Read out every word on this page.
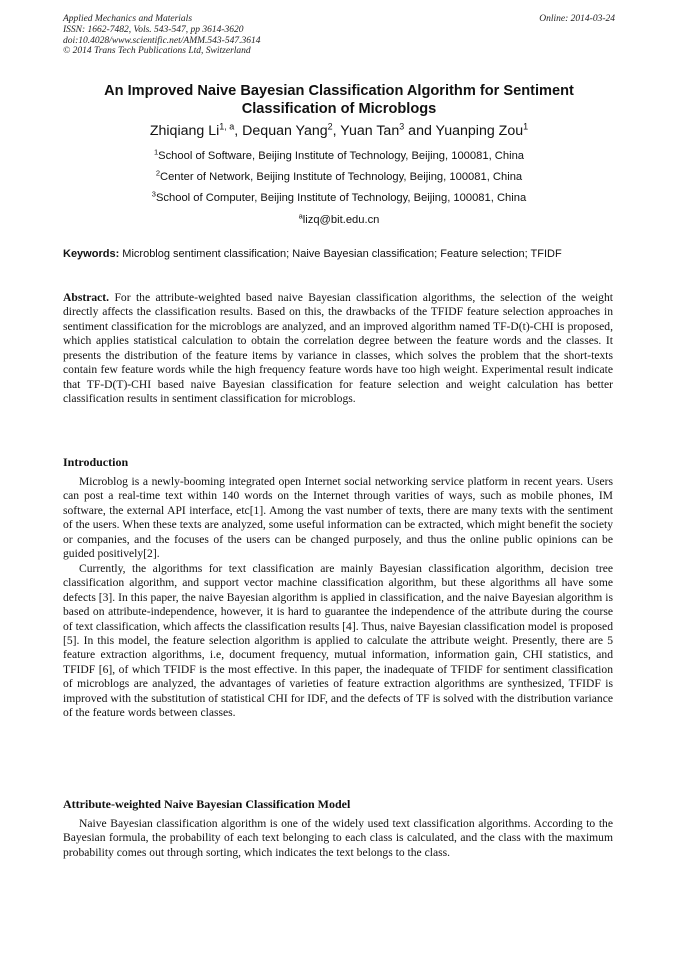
Applied Mechanics and Materials
ISSN: 1662-7482, Vols. 543-547, pp 3614-3620
doi:10.4028/www.scientific.net/AMM.543-547.3614
© 2014 Trans Tech Publications Ltd, Switzerland
Online: 2014-03-24
An Improved Naive Bayesian Classification Algorithm for Sentiment
Classification of Microblogs
Zhiqiang Li$^{1, a}$, Dequan Yang$^2$, Yuan Tan$^3$ and Yuanping Zou$^1$
$^1$School of Software, Beijing Institute of Technology, Beijing, 100081, China
$^2$Center of Network, Beijing Institute of Technology, Beijing, 100081, China
$^3$School of Computer, Beijing Institute of Technology, Beijing, 100081, China
$^a$lizq@bit.edu.cn
Keywords: Microblog sentiment classification; Naive Bayesian classification; Feature selection; TFIDF

Abstract. For the attribute-weighted based naive Bayesian classification algorithms, the selection of the weight directly affects the classification results. Based on this, the drawbacks of the TFIDF feature selection approaches in sentiment classification for the microblogs are analyzed, and an improved algorithm named TF-D(t)-CHI is proposed, which applies statistical calculation to obtain the correlation degree between the feature words and the classes. It presents the distribution of the feature items by variance in classes, which solves the problem that the short-texts contain few feature words while the high frequency feature words have too high weight. Experimental result indicate that TF-D(T)-CHI based naive Bayesian classification for feature selection and weight calculation has better classification results in sentiment classification for microblogs.

Introduction

Microblog is a newly-booming integrated open Internet social networking service platform in recent years. Users can post a real-time text within 140 words on the Internet through varities of ways, such as mobile phones, IM software, the external API interface, etc[1]. Among the vast number of texts, there are many texts with the sentiment of the users. When these texts are analyzed, some useful information can be extracted, which might benefit the society or companies, and the focuses of the users can be changed purposely, and thus the online public opinions can be guided positively[2].

Currently, the algorithms for text classification are mainly Bayesian classification algorithm, decision tree classification algorithm, and support vector machine classification algorithm, but these algorithms all have some defects [3]. In this paper, the naive Bayesian algorithm is applied in classification, and the naive Bayesian algorithm is based on attribute-independence, however, it is hard to guarantee the independence of the attribute during the course of text classification, which affects the classification results [4]. Thus, naive Bayesian classification model is proposed [5]. In this model, the feature selection algorithm is applied to calculate the attribute weight. Presently, there are 5 feature extraction algorithms, i.e, document frequency, mutual information, information gain, CHI statistics, and TFIDF [6], of which TFIDF is the most effective. In this paper, the inadequate of TFIDF for sentiment classification of microblogs are analyzed, the advantages of varieties of feature extraction algorithms are synthesized, TFIDF is improved with the substitution of statistical CHI for IDF, and the defects of TF is solved with the distribution variance of the feature words between classes.

Attribute-weighted Naive Bayesian Classification Model

Naive Bayesian classification algorithm is one of the widely used text classification algorithms. According to the Bayesian formula, the probability of each text belonging to each class is calculated, and the class with the maximum probability comes out through sorting, which indicates the text belongs to the class.
